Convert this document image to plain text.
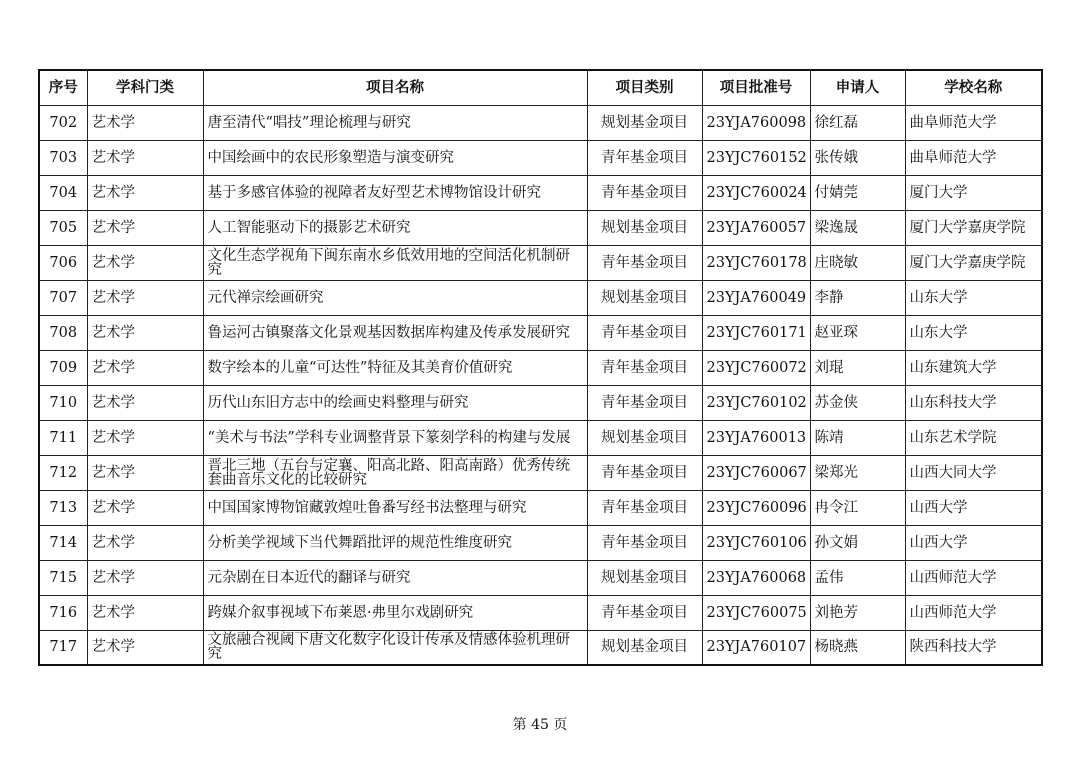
序号	学科门类	项目名称	项目类别	项目批准号	申请人	学校名称
702	艺术学	唐至清代“唱技”理论梳理与研究	规划基金项目	23YJA760098	徐红磊	曲阜师范大学
703	艺术学	中国绘画中的农民形象塑造与演变研究	青年基金项目	23YJC760152	张传娥	曲阜师范大学
704	艺术学	基于多感官体验的视障者友好型艺术博物馆设计研究	青年基金项目	23YJC760024	付婧莞	厦门大学
705	艺术学	人工智能驱动下的摄影艺术研究	规划基金项目	23YJA760057	梁逸晟	厦门大学嘉庚学院
706	艺术学	文化生态学视角下闽东南水乡低效用地的空间活化机制研究	青年基金项目	23YJC760178	庄晓敏	厦门大学嘉庚学院
707	艺术学	元代禅宗绘画研究	规划基金项目	23YJA760049	李静	山东大学
708	艺术学	鲁运河古镇聚落文化景观基因数据库构建及传承发展研究	青年基金项目	23YJC760171	赵亚琛	山东大学
709	艺术学	数字绘本的儿童“可达性”特征及其美育价值研究	青年基金项目	23YJC760072	刘琨	山东建筑大学
710	艺术学	历代山东旧方志中的绘画史料整理与研究	青年基金项目	23YJC760102	苏金侠	山东科技大学
711	艺术学	“美术与书法”学科专业调整背景下篆刻学科的构建与发展	规划基金项目	23YJA760013	陈靖	山东艺术学院
712	艺术学	晋北三地（五台与定襄、阳高北路、阳高南路）优秀传统套曲音乐文化的比较研究	青年基金项目	23YJC760067	梁郑光	山西大同大学
713	艺术学	中国国家博物馆藏敦煌吐鲁番写经书法整理与研究	青年基金项目	23YJC760096	冉令江	山西大学
714	艺术学	分析美学视域下当代舞蹈批评的规范性维度研究	青年基金项目	23YJC760106	孙文娟	山西大学
715	艺术学	元杂剧在日本近代的翻译与研究	规划基金项目	23YJA760068	孟伟	山西师范大学
716	艺术学	跨媒介叙事视域下布莱恩·弗里尔戏剧研究	青年基金项目	23YJC760075	刘艳芳	山西师范大学
717	艺术学	文旅融合视阈下唐文化数字化设计传承及情感体验机理研究	规划基金项目	23YJA760107	杨晓燕	陕西科技大学
第 45 页
